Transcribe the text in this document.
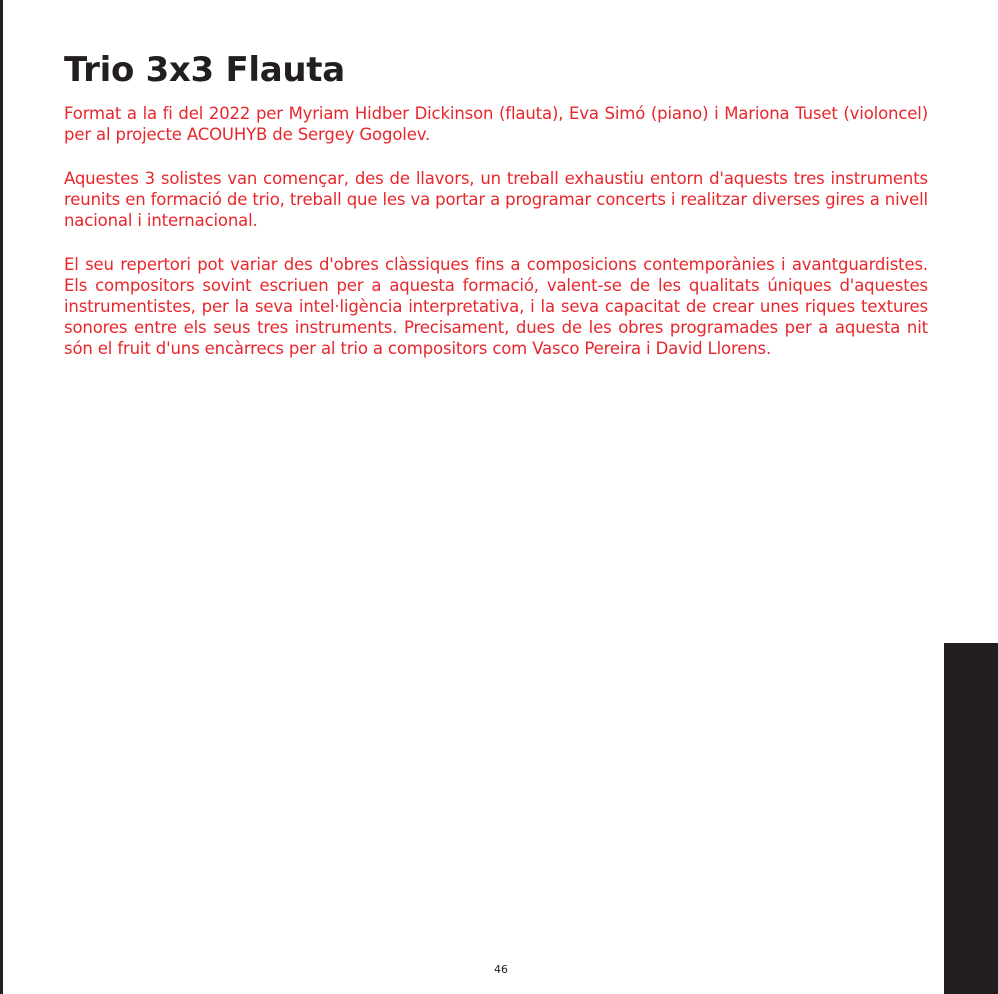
Trio 3x3 Flauta

Format a la fi del 2022 per Myriam Hidber Dickinson (flauta), Eva Simó (piano) i Mariona Tuset (violoncel) per al projecte ACOUHYB de Sergey Gogolev.

Aquestes 3 solistes van començar, des de llavors, un treball exhaustiu entorn d'aquests tres instruments reunits en formació de trio, treball que les va portar a programar concerts i realitzar diverses gires a nivell nacional i internacional.

El seu repertori pot variar des d'obres clàssiques fins a composicions contemporànies i avantguardistes. Els compositors sovint escriuen per a aquesta formació, valent-se de les qualitats úniques d'aquestes instrumentistes, per la seva intel·ligència interpretativa, i la seva capacitat de crear unes riques textures sonores entre els seus tres instruments. Precisament, dues de les obres programades per a aquesta nit són el fruit d'uns encàrrecs per al trio a compositors com Vasco Pereira i David Llorens.

46
